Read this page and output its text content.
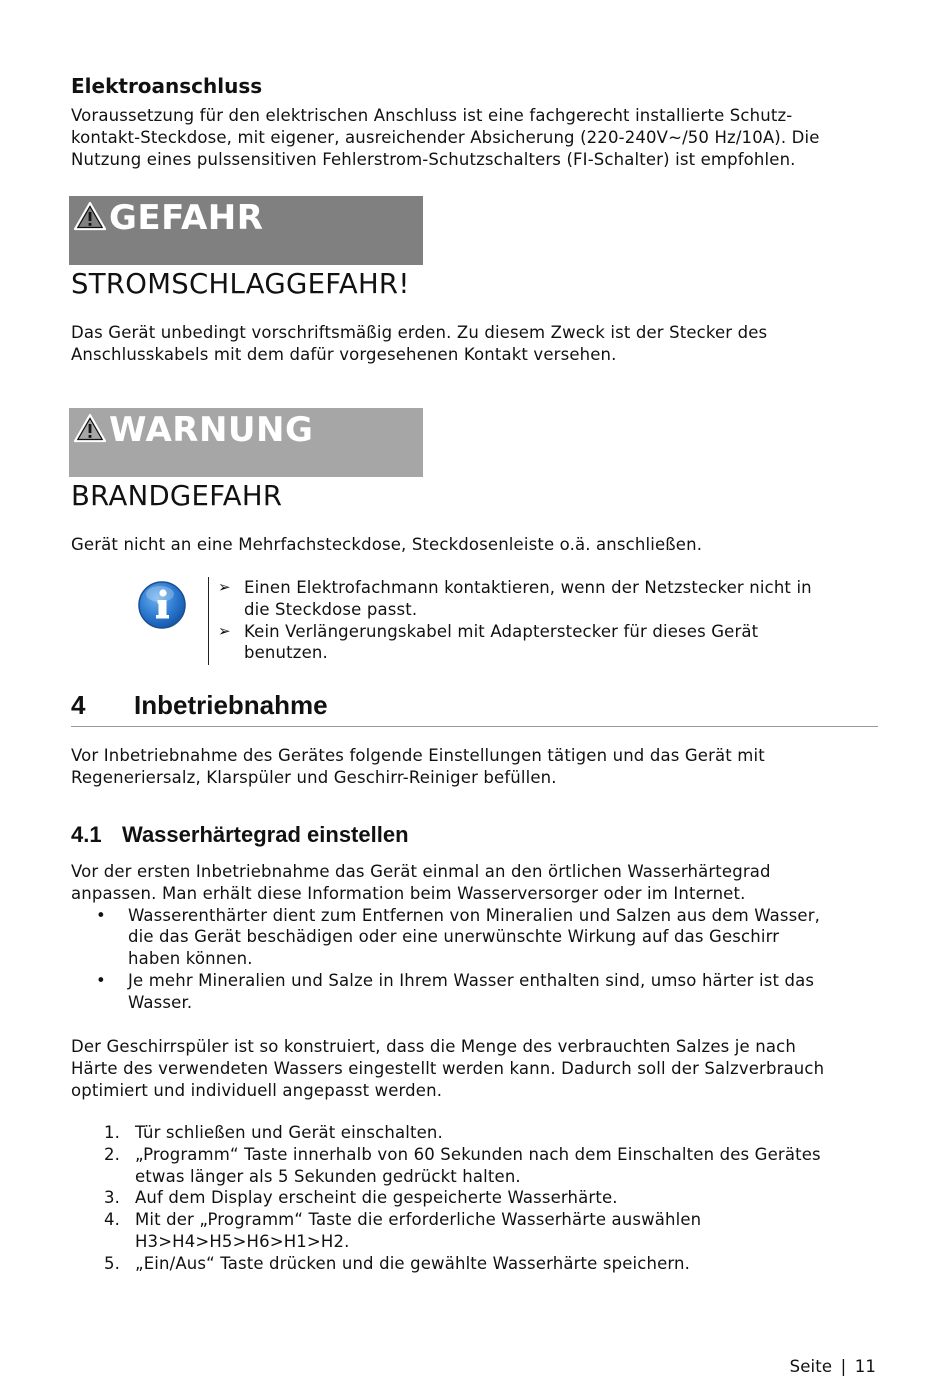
Elektroanschluss
Voraussetzung für den elektrischen Anschluss ist eine fachgerecht installierte Schutz-
kontakt-Steckdose, mit eigener, ausreichender Absicherung (220-240V~/50 Hz/10A). Die
Nutzung eines pulssensitiven Fehlerstrom-Schutzschalters (FI-Schalter) ist empfohlen.
GEFAHR
STROMSCHLAGGEFAHR!
Das Gerät unbedingt vorschriftsmäßig erden. Zu diesem Zweck ist der Stecker des
Anschlusskabels mit dem dafür vorgesehenen Kontakt versehen.
WARNUNG
BRANDGEFAHR
Gerät nicht an eine Mehrfachsteckdose, Steckdosenleiste o.ä. anschließen.
➢ Einen Elektrofachmann kontaktieren, wenn der Netzstecker nicht in
die Steckdose passt.
➢ Kein Verlängerungskabel mit Adapterstecker für dieses Gerät
benutzen.
4 Inbetriebnahme
Vor Inbetriebnahme des Gerätes folgende Einstellungen tätigen und das Gerät mit
Regeneriersalz, Klarspüler und Geschirr-Reiniger befüllen.
4.1 Wasserhärtegrad einstellen
Vor der ersten Inbetriebnahme das Gerät einmal an den örtlichen Wasserhärtegrad
anpassen. Man erhält diese Information beim Wasserversorger oder im Internet.
• Wasserenthärter dient zum Entfernen von Mineralien und Salzen aus dem Wasser,
die das Gerät beschädigen oder eine unerwünschte Wirkung auf das Geschirr
haben können.
• Je mehr Mineralien und Salze in Ihrem Wasser enthalten sind, umso härter ist das
Wasser.
Der Geschirrspüler ist so konstruiert, dass die Menge des verbrauchten Salzes je nach
Härte des verwendeten Wassers eingestellt werden kann. Dadurch soll der Salzverbrauch
optimiert und individuell angepasst werden.
1. Tür schließen und Gerät einschalten.
2. „Programm“ Taste innerhalb von 60 Sekunden nach dem Einschalten des Gerätes
etwas länger als 5 Sekunden gedrückt halten.
3. Auf dem Display erscheint die gespeicherte Wasserhärte.
4. Mit der „Programm“ Taste die erforderliche Wasserhärte auswählen
H3>H4>H5>H6>H1>H2.
5. „Ein/Aus“ Taste drücken und die gewählte Wasserhärte speichern.
Seite | 11
